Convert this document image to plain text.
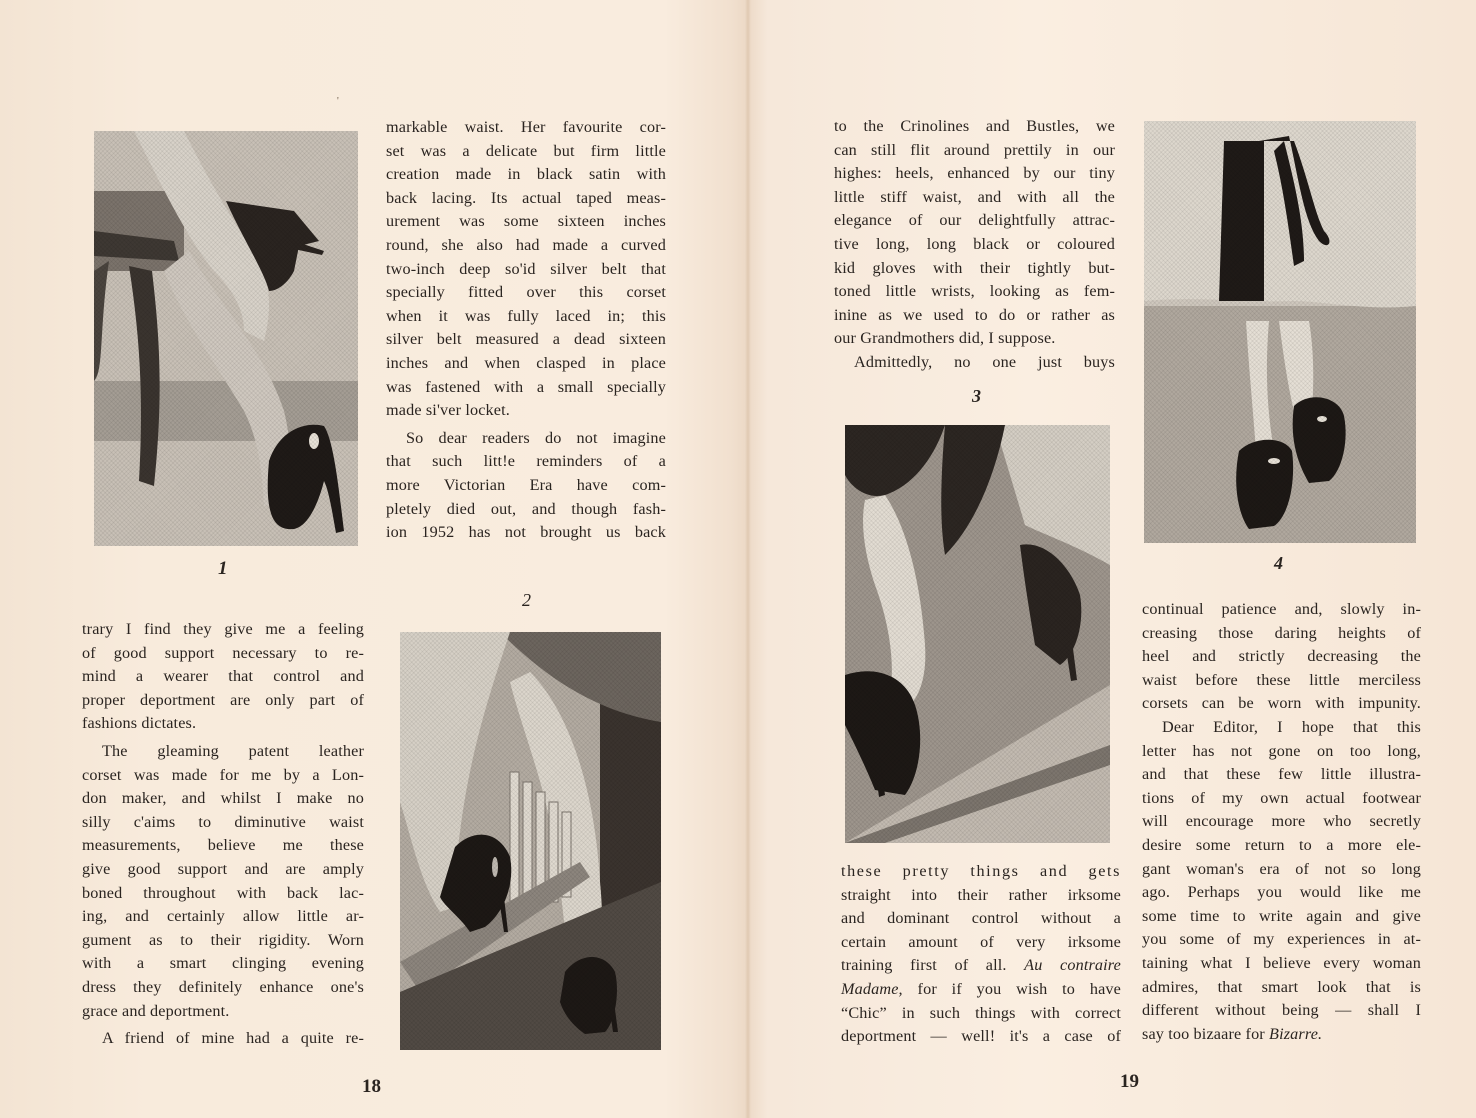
'
1

markable waist. Her favourite cor-
set was a delicate but firm little
creation made in black satin with
back lacing. Its actual taped meas-
urement was some sixteen inches
round, she also had made a curved
two-inch deep so'id silver belt that
specially fitted over this corset
when it was fully laced in; this
silver belt measured a dead sixteen
inches and when clasped in place
was fastened with a small specially
made si'ver locket.

So dear readers do not imagine
that such litt!e reminders of a
more Victorian Era have com-
pletely died out, and though fash-
ion 1952 has not brought us back

2

trary I find they give me a feeling
of good support necessary to re-
mind a wearer that control and
proper deportment are only part of
fashions dictates.

The gleaming patent leather
corset was made for me by a Lon-
don maker, and whilst I make no
silly c'aims to diminutive waist
measurements, believe me these
give good support and are amply
boned throughout with back lac-
ing, and certainly allow little ar-
gument as to their rigidity. Worn
with a smart clinging evening
dress they definitely enhance one's
grace and deportment.

A friend of mine had a quite re-

18

to the Crinolines and Bustles, we
can still flit around prettily in our
highes: heels, enhanced by our tiny
little stiff waist, and with all the
elegance of our delightfully attrac-
tive long, long black or coloured
kid gloves with their tightly but-
toned little wrists, looking as fem-
inine as we used to do or rather as
our Grandmothers did, I suppose.

Admittedly, no one just buys

3

these pretty things and gets
straight into their rather irksome
and dominant control without a
certain amount of very irksome
training first of all. Au contraire
Madame, for if you wish to have
“Chic” in such things with correct
deportment — well! it's a case of

4

continual patience and, slowly in-
creasing those daring heights of
heel and strictly decreasing the
waist before these little merciless
corsets can be worn with impunity.

Dear Editor, I hope that this
letter has not gone on too long,
and that these few little illustra-
tions of my own actual footwear
will encourage more who secretly
desire some return to a more ele-
gant woman's era of not so long
ago. Perhaps you would like me
some time to write again and give
you some of my experiences in at-
taining what I believe every woman
admires, that smart look that is
different without being — shall I
say too bizaare for Bizarre.

19
